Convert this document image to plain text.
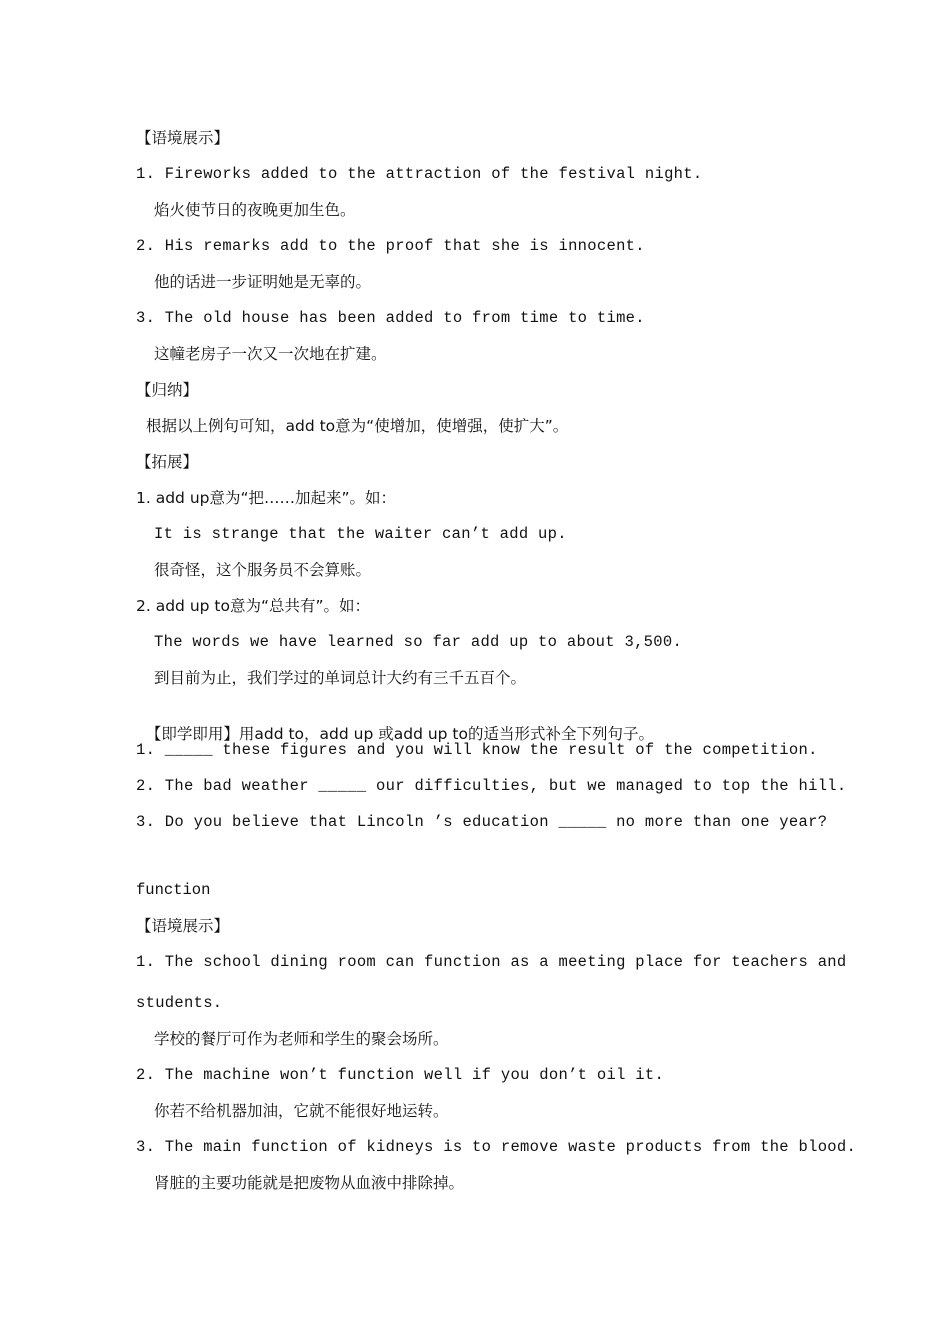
【语境展示】
1. Fireworks added to the attraction of the festival night.
焰火使节日的夜晚更加生色。
2. His remarks add to the proof that she is innocent.
他的话进一步证明她是无辜的。
3. The old house has been added to from time to time.
这幢老房子一次又一次地在扩建。
【归纳】
根据以上例句可知，add to意为“使增加，使增强，使扩大”。
【拓展】
1. add up意为“把……加起来”。如：
It is strange that the waiter can’t add up.
很奇怪，这个服务员不会算账。
2. add up to意为“总共有”。如：
The words we have learned so far add up to about 3,500.
到目前为止，我们学过的单词总计大约有三千五百个。

【即学即用】用add to，add up 或add up to的适当形式补全下列句子。

1. _____ these figures and you will know the result of the competition.
2. The bad weather _____ our difficulties, but we managed to top the hill.
3. Do you believe that Lincoln ’s education _____ no more than one year?
function
【语境展示】
1. The school dining room can function as a meeting place for teachers and
students.
学校的餐厅可作为老师和学生的聚会场所。
2. The machine won’t function well if you don’t oil it.
你若不给机器加油，它就不能很好地运转。
3. The main function of kidneys is to remove waste products from the blood.
肾脏的主要功能就是把废物从血液中排除掉。
